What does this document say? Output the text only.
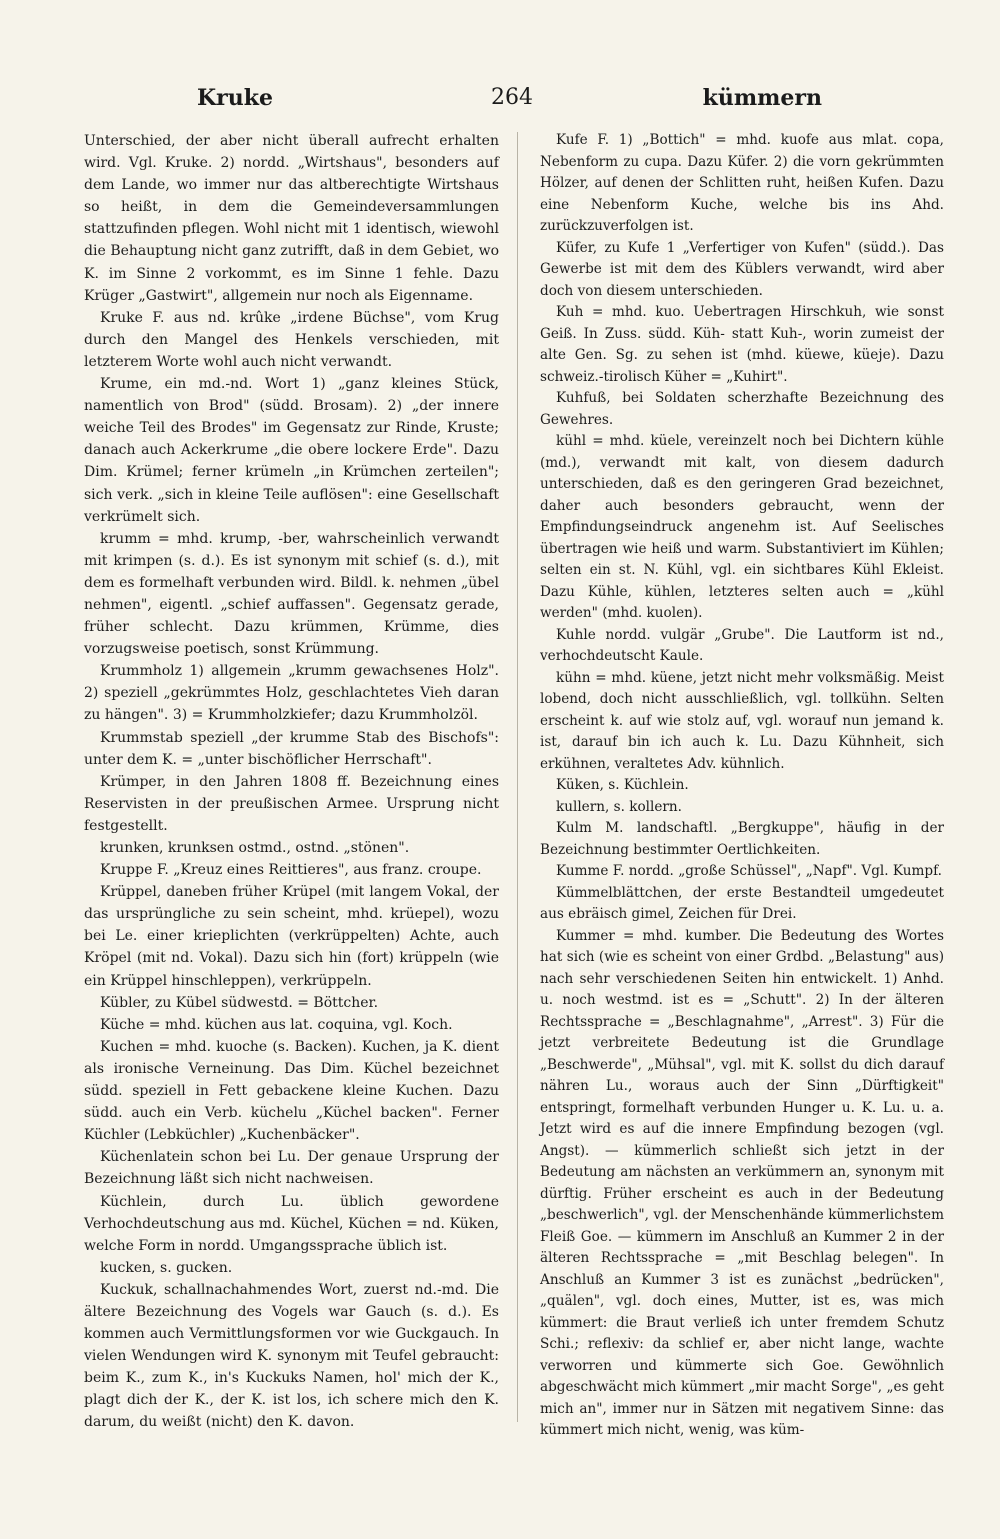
Kruke	264	kümmern

Unterschied, der aber nicht überall aufrecht erhalten wird. Vgl. Kruke. 2) nordd. „Wirtshaus", besonders auf dem Lande, wo immer nur das altberechtigte Wirtshaus so heißt, in dem die Gemeindeversammlungen stattzufinden pflegen. Wohl nicht mit 1 identisch, wiewohl die Behauptung nicht ganz zutrifft, daß in dem Gebiet, wo K. im Sinne 2 vorkommt, es im Sinne 1 fehle. Dazu Krüger „Gastwirt", allgemein nur noch als Eigenname.

Kruke F. aus nd. krûke „irdene Büchse", vom Krug durch den Mangel des Henkels verschieden, mit letzterem Worte wohl auch nicht verwandt.

Krume, ein md.-nd. Wort 1) „ganz kleines Stück, namentlich von Brod" (südd. Brosam). 2) „der innere weiche Teil des Brodes" im Gegensatz zur Rinde, Kruste; danach auch Ackerkrume „die obere lockere Erde". Dazu Dim. Krümel; ferner krümeln „in Krümchen zerteilen"; sich verk. „sich in kleine Teile auflösen": eine Gesellschaft verkrümelt sich.

krumm = mhd. krump, -ber, wahrscheinlich verwandt mit krimpen (s. d.). Es ist synonym mit schief (s. d.), mit dem es formelhaft verbunden wird. Bildl. k. nehmen „übel nehmen", eigentl. „schief auffassen". Gegensatz gerade, früher schlecht. Dazu krümmen, Krümme, dies vorzugsweise poetisch, sonst Krümmung.

Krummholz 1) allgemein „krumm gewachsenes Holz". 2) speziell „gekrümmtes Holz, geschlachtetes Vieh daran zu hängen". 3) = Krummholzkiefer; dazu Krummholzöl.

Krummstab speziell „der krumme Stab des Bischofs": unter dem K. = „unter bischöflicher Herrschaft".

Krümper, in den Jahren 1808 ff. Bezeichnung eines Reservisten in der preußischen Armee. Ursprung nicht festgestellt.

krunken, krunksen ostmd., ostnd. „stönen".

Kruppe F. „Kreuz eines Reittieres", aus franz. croupe.

Krüppel, daneben früher Krüpel (mit langem Vokal, der das ursprüngliche zu sein scheint, mhd. krüepel), wozu bei Le. einer krieplichten (verkrüppelten) Achte, auch Kröpel (mit nd. Vokal). Dazu sich hin (fort) krüppeln (wie ein Krüppel hinschleppen), verkrüppeln.

Kübler, zu Kübel südwestd. = Böttcher.

Küche = mhd. küchen aus lat. coquina, vgl. Koch.

Kuchen = mhd. kuoche (s. Backen). Kuchen, ja K. dient als ironische Verneinung. Das Dim. Küchel bezeichnet südd. speziell in Fett gebackene kleine Kuchen. Dazu südd. auch ein Verb. küchelu „Küchel backen". Ferner Küchler (Lebküchler) „Kuchenbäcker".

Küchenlatein schon bei Lu. Der genaue Ursprung der Bezeichnung läßt sich nicht nachweisen.

Küchlein, durch Lu. üblich gewordene Verhochdeutschung aus md. Küchel, Küchen = nd. Küken, welche Form in nordd. Umgangssprache üblich ist.

kucken, s. gucken.

Kuckuk, schallnachahmendes Wort, zuerst nd.-md. Die ältere Bezeichnung des Vogels war Gauch (s. d.). Es kommen auch Vermittlungsformen vor wie Guckgauch. In vielen Wendungen wird K. synonym mit Teufel gebraucht: beim K., zum K., in's Kuckuks Namen, hol' mich der K., plagt dich der K., der K. ist los, ich schere mich den K. darum, du weißt (nicht) den K. davon.

Kufe F. 1) „Bottich" = mhd. kuofe aus mlat. copa, Nebenform zu cupa. Dazu Küfer. 2) die vorn gekrümmten Hölzer, auf denen der Schlitten ruht, heißen Kufen. Dazu eine Nebenform Kuche, welche bis ins Ahd. zurückzuverfolgen ist.

Küfer, zu Kufe 1 „Verfertiger von Kufen" (südd.). Das Gewerbe ist mit dem des Küblers verwandt, wird aber doch von diesem unterschieden.

Kuh = mhd. kuo. Uebertragen Hirschkuh, wie sonst Geiß. In Zuss. südd. Küh- statt Kuh-, worin zumeist der alte Gen. Sg. zu sehen ist (mhd. küewe, küeje). Dazu schweiz.-tirolisch Küher = „Kuhirt".

Kuhfuß, bei Soldaten scherzhafte Bezeichnung des Gewehres.

kühl = mhd. küele, vereinzelt noch bei Dichtern kühle (md.), verwandt mit kalt, von diesem dadurch unterschieden, daß es den geringeren Grad bezeichnet, daher auch besonders gebraucht, wenn der Empfindungseindruck angenehm ist. Auf Seelisches übertragen wie heiß und warm. Substantiviert im Kühlen; selten ein st. N. Kühl, vgl. ein sichtbares Kühl Ekleist. Dazu Kühle, kühlen, letzteres selten auch = „kühl werden" (mhd. kuolen).

Kuhle nordd. vulgär „Grube". Die Lautform ist nd., verhochdeutscht Kaule.

kühn = mhd. küene, jetzt nicht mehr volksmäßig. Meist lobend, doch nicht ausschließlich, vgl. tollkühn. Selten erscheint k. auf wie stolz auf, vgl. worauf nun jemand k. ist, darauf bin ich auch k. Lu. Dazu Kühnheit, sich erkühnen, veraltetes Adv. kühnlich.

Küken, s. Küchlein.

kullern, s. kollern.

Kulm M. landschaftl. „Bergkuppe", häufig in der Bezeichnung bestimmter Oertlichkeiten.

Kumme F. nordd. „große Schüssel", „Napf". Vgl. Kumpf.

Kümmelblättchen, der erste Bestandteil umgedeutet aus ebräisch gimel, Zeichen für Drei.

Kummer = mhd. kumber. Die Bedeutung des Wortes hat sich (wie es scheint von einer Grdbd. „Belastung" aus) nach sehr verschiedenen Seiten hin entwickelt. 1) Anhd. u. noch westmd. ist es = „Schutt". 2) In der älteren Rechtssprache = „Beschlagnahme", „Arrest". 3) Für die jetzt verbreitete Bedeutung ist die Grundlage „Beschwerde", „Mühsal", vgl. mit K. sollst du dich darauf nähren Lu., woraus auch der Sinn „Dürftigkeit" entspringt, formelhaft verbunden Hunger u. K. Lu. u. a. Jetzt wird es auf die innere Empfindung bezogen (vgl. Angst). — kümmerlich schließt sich jetzt in der Bedeutung am nächsten an verkümmern an, synonym mit dürftig. Früher erscheint es auch in der Bedeutung „beschwerlich", vgl. der Menschenhände kümmerlichstem Fleiß Goe. — kümmern im Anschluß an Kummer 2 in der älteren Rechtssprache = „mit Beschlag belegen". In Anschluß an Kummer 3 ist es zunächst „bedrücken", „quälen", vgl. doch eines, Mutter, ist es, was mich kümmert: die Braut verließ ich unter fremdem Schutz Schi.; reflexiv: da schlief er, aber nicht lange, wachte verworren und kümmerte sich Goe. Gewöhnlich abgeschwächt mich kümmert „mir macht Sorge", „es geht mich an", immer nur in Sätzen mit negativem Sinne: das kümmert mich nicht, wenig, was küm-
